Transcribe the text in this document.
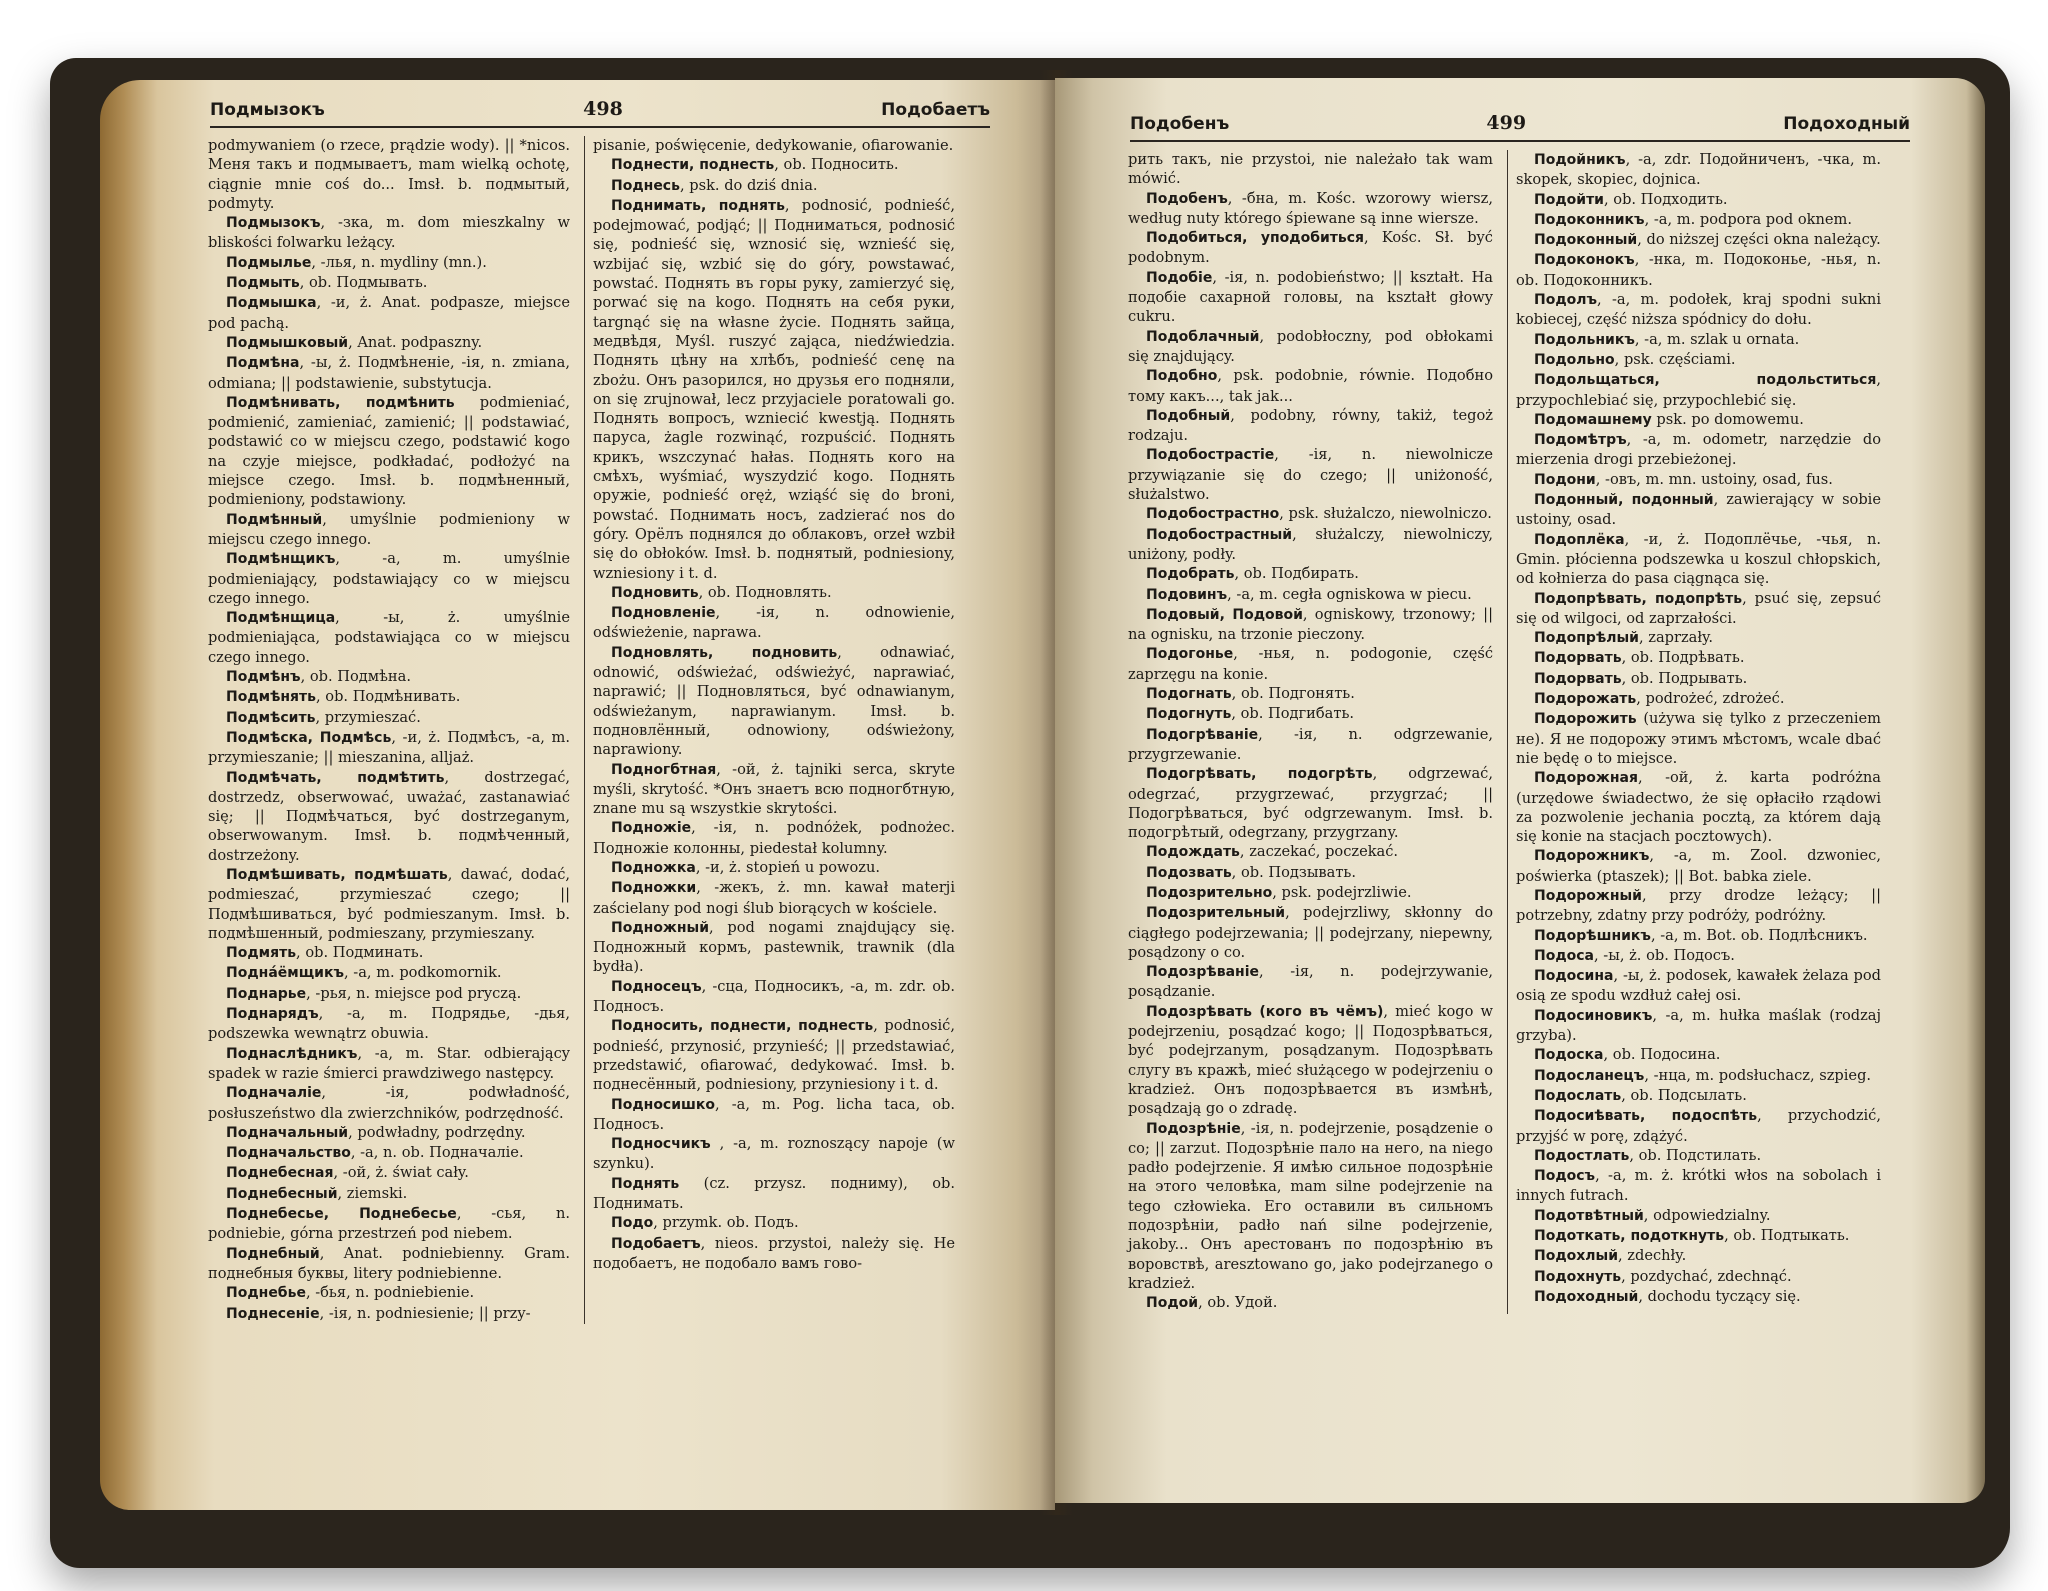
Подмызокъ	498	Подобаетъ

podmywaniem (o rzece, prądzie wody). || *nicos. Меня такъ и подмываетъ, mam wielką ochotę, ciągnie mnie coś do... Imsł. b. подмытый, podmyty.

Подмызокъ, -зка, m. dom mieszkalny w bliskości folwarku leżący.

Подмылье, -лья, n. mydliny (mn.).

Подмыть, ob. Подмывать.

Подмышка, -и, ż. Anat. podpasze, miejsce pod pachą.

Подмышковый, Anat. podpaszny.

Подмѣна, -ы, ż. Подмѣненіе, -ія, n. zmiana, odmiana; || podstawienie, substytucja.

Подмѣнивать, подмѣнить podmieniać, podmienić, zamieniać, zamienić; || podstawiać, podstawić co w miejscu czego, podstawić kogo na czyje miejsce, podkładać, podłożyć na miejsce czego. Imsł. b. подмѣненный, podmieniony, podstawiony.

Подмѣнный, umyślnie podmieniony w miejscu czego innego.

Подмѣнщикъ, -а, m. umyślnie podmieniający, podstawiający co w miejscu czego innego.

Подмѣнщица, -ы, ż. umyślnie podmieniająca, podstawiająca co w miejscu czego innego.

Подмѣнъ, ob. Подмѣна.

Подмѣнять, ob. Подмѣнивать.

Подмѣсить, przymieszać.

Подмѣска, Подмѣсь, -и, ż. Подмѣсъ, -а, m. przymieszanie; || mieszanina, alljaż.

Подмѣчать, подмѣтить, dostrzegać, dostrzedz, obserwować, uważać, zastanawiać się; || Подмѣчаться, być dostrzeganym, obserwowanym. Imsł. b. подмѣченный, dostrzeżony.

Подмѣшивать, подмѣшать, dawać, dodać, podmieszać, przymieszać czego; || Подмѣшиваться, być podmieszanym. Imsł. b. подмѣшенный, podmieszany, przymieszany.

Подмять, ob. Подминать.

Подна́ёмщикъ, -а, m. podkomornik.

Поднарье, -рья, n. miejsce pod pryczą.

Поднарядъ, -а, m. Подрядье, -дья, podszewka wewnątrz obuwia.

Поднаслѣдникъ, -а, m. Star. odbierający spadek w razie śmierci prawdziwego następcy.

Подначаліе, -ія, podwładność, posłuszeństwo dla zwierzchników, podrzędność.

Подначальный, podwładny, podrzędny.

Подначальство, -а, n. ob. Подначаліе.

Поднебесная, -ой, ż. świat cały.

Поднебесный, ziemski.

Поднебесье, Поднебесье, -сья, n. podniebie, górna przestrzeń pod niebem.

Поднебный, Anat. podniebienny. Gram. поднебныя буквы, litery podniebienne.

Поднебье, -бья, n. podniebienie.

Поднесеніе, -ія, n. podniesienie; || przy-

pisanie, poświęcenie, dedykowanie, ofiarowanie.

Поднести, поднесть, ob. Подносить.

Поднесь, psk. do dziś dnia.

Поднимать, поднять, podnosić, podnieść, podejmować, podjąć; || Подниматься, podnosić się, podnieść się, wznosić się, wznieść się, wzbijać się, wzbić się do góry, powstawać, powstać. Поднять въ горы руку, zamierzyć się, porwać się na kogo. Поднять на себя руки, targnąć się na własne życie. Поднять зайца, медвѣдя, Myśl. ruszyć zająca, niedźwiedzia. Поднять цѣну на хлѣбъ, podnieść cenę na zbożu. Онъ разорился, но друзья его подняли, on się zrujnował, lecz przyjaciele poratowali go. Поднять вопросъ, wzniecić kwestją. Поднять паруса, żagle rozwinąć, rozpuścić. Поднять крикъ, wszczynać hałas. Поднять кого на смѣхъ, wyśmiać, wyszydzić kogo. Поднять оружіе, podnieść oręż, wziąść się do broni, powstać. Поднимать носъ, zadzierać nos do góry. Орёлъ поднялся до облаковъ, orzeł wzbił się do obłoków. Imsł. b. поднятый, podniesiony, wzniesiony i t. d.

Подновить, ob. Подновлять.

Подновленіе, -ія, n. odnowienie, odświeżenie, naprawa.

Подновлять, подновить, odnawiać, odnowić, odświeżać, odświeżyć, naprawiać, naprawić; || Подновляться, być odnawianym, odświeżanym, naprawianym. Imsł. b. подновлённый, odnowiony, odświeżony, naprawiony.

Подногбтная, -ой, ż. tajniki serca, skryte myśli, skrytość. *Онъ знаетъ всю подногбтную, znane mu są wszystkie skrytości.

Подножіе, -ія, n. podnóżek, podnożec. Подножіе колонны, piedestał kolumny.

Подножка, -и, ż. stopień u powozu.

Подножки, -жекъ, ż. mn. kawał materji zaścielany pod nogi ślub biorących w kościele.

Подножный, pod nogami znajdujący się. Подножный кормъ, pastewnik, trawnik (dla bydła).

Подносецъ, -сца, Подносикъ, -а, m. zdr. ob. Подносъ.

Подносить, поднести, поднесть, podnosić, podnieść, przynosić, przynieść; || przedstawiać, przedstawić, ofiarować, dedykować. Imsł. b. поднесённый, podniesiony, przyniesiony i t. d.

Подносишко, -а, m. Pog. licha taca, ob. Подносъ.

Подносчикъ , -а, m. roznoszący napoje (w szynku).

Поднять (cz. przysz. подниму), ob. Поднимать.

Подо, przymk. ob. Подъ.

Подобаетъ, nieos. przystoi, należy się. Не подобаетъ, не подобало вамъ гово-

Подобенъ	499	Подоходный

рить такъ, nie przystoi, nie należało tak wam mówić.

Подобенъ, -бна, m. Kośc. wzorowy wiersz, według nuty którego śpiewane są inne wiersze.

Подобиться, уподобиться, Kośc. Sł. być podobnym.

Подобіе, -ія, n. podobieństwo; || kształt. На подобіе сахарной головы, na kształt głowy cukru.

Подоблачный, podobłoczny, pod obłokami się znajdujący.

Подобно, psk. podobnie, równie. Подобно тому какъ..., tak jak...

Подобный, podobny, równy, takiż, tegoż rodzaju.

Подобострастіе, -ія, n. niewolnicze przywiązanie się do czego; || uniżoność, służalstwo.

Подобострастно, psk. służalczo, niewolniczo.

Подобострастный, służalczy, niewolniczy, uniżony, podły.

Подобрать, ob. Подбирать.

Подовинъ, -а, m. cegła ogniskowa w piecu.

Подовый, Подовой, ogniskowy, trzonowy; || na ognisku, na trzonie pieczony.

Подогонье, -нья, n. podogonie, część zaprzęgu na konie.

Подогнать, ob. Подгонять.

Подогнуть, ob. Подгибать.

Подогрѣваніе, -ія, n. odgrzewanie, przygrzewanie.

Подогрѣвать, подогрѣть, odgrzewać, odegrzać, przygrzewać, przygrzać; || Подогрѣваться, być odgrzewanym. Imsł. b. подогрѣтый, odegrzany, przygrzany.

Подождать, zaczekać, poczekać.

Подозвать, ob. Подзывать.

Подозрительно, psk. podejrzliwie.

Подозрительный, podejrzliwy, skłonny do ciągłego podejrzewania; || podejrzany, niepewny, posądzony o co.

Подозрѣваніе, -ія, n. podejrzywanie, posądzanie.

Подозрѣвать (кого въ чёмъ), mieć kogo w podejrzeniu, posądzać kogo; || Подозрѣваться, być podejrzanym, posądzanym. Подозрѣвать слугу въ кражѣ, mieć służącego w podejrzeniu o kradzież. Онъ подозрѣвается въ измѣнѣ, posądzają go o zdradę.

Подозрѣніе, -ія, n. podejrzenie, posądzenie o co; || zarzut. Подозрѣніе пало на него, na niego padło podejrzenie. Я имѣю сильное подозрѣніе на этого человѣка, mam silne podejrzenie na tego człowieka. Его оставили въ сильномъ подозрѣніи, padło nań silne podejrzenie, jakoby... Онъ арестованъ по подозрѣнію въ воровствѣ, aresztowano go, jako podejrzanego o kradzież.

Подой, ob. Удой.

Подойникъ, -а, zdr. Подойниченъ, -чка, m. skopek, skopiec, dojnica.

Подойти, ob. Подходить.

Подоконникъ, -а, m. podpora pod oknem.

Подоконный, do niższej części okna należący.

Подоконокъ, -нка, m. Подоконье, -нья, n. ob. Подоконникъ.

Подолъ, -а, m. podołek, kraj spodni sukni kobiecej, część niższa spódnicy do dołu.

Подольникъ, -а, m. szlak u ornata.

Подольно, psk. częściami.

Подольщаться, подольститься, przypochlebiać się, przypochlebić się.

Подомашнему psk. po domowemu.

Подомѣтръ, -а, m. odometr, narzędzie do mierzenia drogi przebieżonej.

Подони, -овъ, m. mn. ustoiny, osad, fus.

Подонный, подонный, zawierający w sobie ustoiny, osad.

Подоплёка, -и, ż. Подоплёчье, -чья, n. Gmin. płócienna podszewka u koszul chłopskich, od kołnierza do pasa ciągnąca się.

Подопрѣвать, подопрѣть, psuć się, zepsuć się od wilgoci, od zaprzałości.

Подопрѣлый, zaprzały.

Подорвать, ob. Подрѣвать.

Подорвать, ob. Подрывать.

Подорожать, podrożeć, zdrożeć.

Подорожить (używa się tylko z przeczeniem не). Я не подорожу этимъ мѣстомъ, wcale dbać nie będę o to miejsce.

Подорожная, -ой, ż. karta podróżna (urzędowe świadectwo, że się opłaciło rządowi za pozwolenie jechania pocztą, za którem dają się konie na stacjach pocztowych).

Подорожникъ, -а, m. Zool. dzwoniec, poświerka (ptaszek); || Bot. babka ziele.

Подорожный, przy drodze leżący; || potrzebny, zdatny przy podróży, podróżny.

Подорѣшникъ, -а, m. Bot. ob. Подлѣсникъ.

Подоса, -ы, ż. ob. Подосъ.

Подосина, -ы, ż. podosek, kawałek żelaza pod osią ze spodu wzdłuż całej osi.

Подосиновикъ, -а, m. hułka maślak (rodzaj grzyba).

Подоска, ob. Подосина.

Подосланецъ, -нца, m. podsłuchacz, szpieg.

Подослать, ob. Подсылать.

Подосиѣвать, подоспѣть, przychodzić, przyjść w porę, zdążyć.

Подостлать, ob. Подстилать.

Подосъ, -а, m. ż. krótki włos na sobolach i innych futrach.

Подотвѣтный, odpowiedzialny.

Подоткать, подоткнуть, ob. Подтыкать.

Подохлый, zdechły.

Подохнуть, pozdychać, zdechnąć.

Подоходный, dochodu tyczący się.
